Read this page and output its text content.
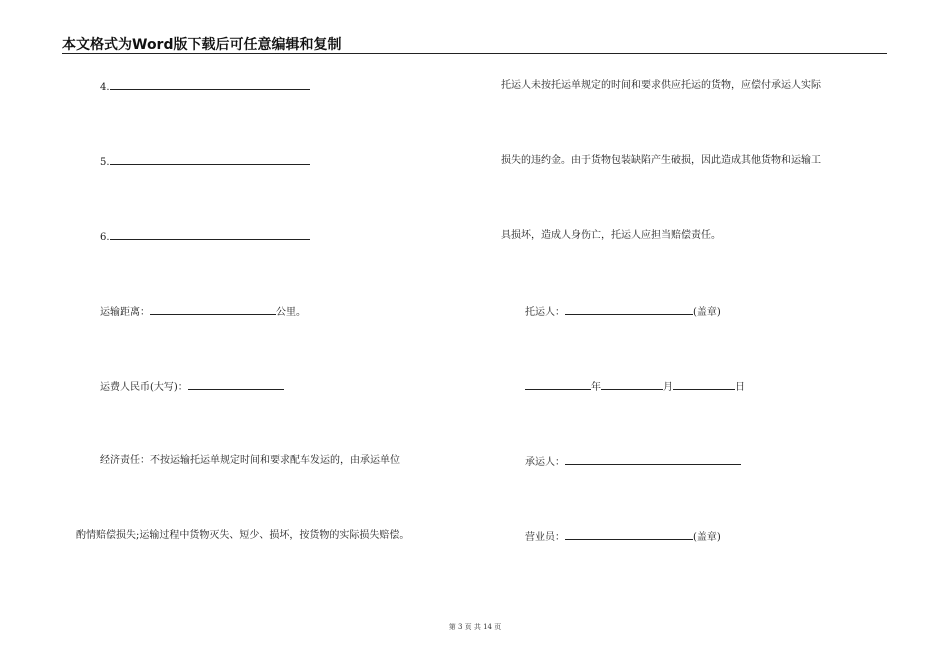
本文格式为Word版下载后可任意编辑和复制
4.
5.
6.
运输距离：	公里。
运费人民币(大写)：
经济责任：不按运输托运单规定时间和要求配车发运的，由承运单位
酌情赔偿损失;运输过程中货物灭失、短少、损坏，按货物的实际损失赔偿。
托运人未按托运单规定的时间和要求供应托运的货物，应偿付承运人实际
损失的违约金。由于货物包装缺陷产生破损，因此造成其他货物和运输工
具损坏，造成人身伤亡，托运人应担当赔偿责任。
托运人：	(盖章)
年	月	日
承运人：
营业员：	(盖章)
第 3 页 共 14 页
